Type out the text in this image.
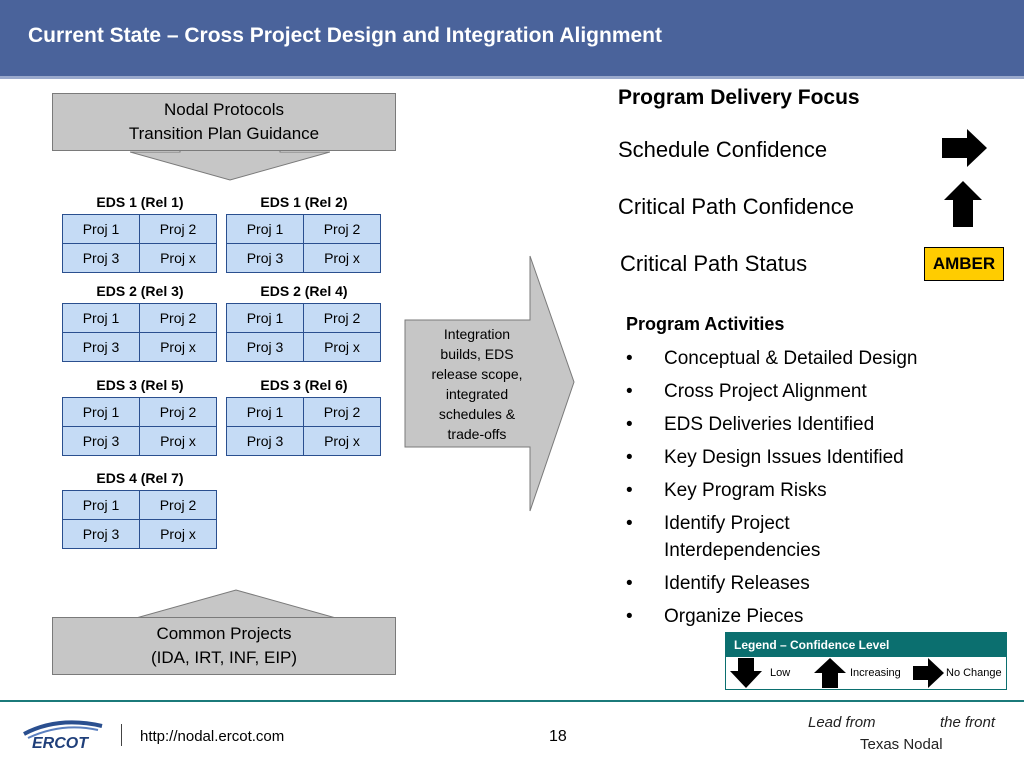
Current State – Cross Project Design and Integration Alignment
Nodal Protocols
Transition Plan Guidance
EDS 1 (Rel 1)
Proj 1	Proj 2
Proj 3	Proj x
EDS 1 (Rel 2)
Proj 1	Proj 2
Proj 3	Proj x
EDS 2 (Rel 3)
Proj 1	Proj 2
Proj 3	Proj x
EDS 2 (Rel 4)
Proj 1	Proj 2
Proj 3	Proj x
EDS 3 (Rel 5)
Proj 1	Proj 2
Proj 3	Proj x
EDS 3 (Rel 6)
Proj 1	Proj 2
Proj 3	Proj x
EDS 4 (Rel 7)
Proj 1	Proj 2
Proj 3	Proj x
Common Projects
(IDA, IRT, INF, EIP)
Integration
builds, EDS
release scope,
integrated
schedules &
trade-offs
Program Delivery Focus
Schedule Confidence
Critical Path Confidence
Critical Path Status	AMBER
Program Activities
• Conceptual & Detailed Design
• Cross Project Alignment
• EDS Deliveries Identified
• Key Design Issues Identified
• Key Program Risks
• Identify Project Interdependencies
• Identify Releases
• Organize Pieces
Legend – Confidence Level
Low	Increasing	No Change
ERCOT	http://nodal.ercot.com	18
Lead from	the front
Texas Nodal
